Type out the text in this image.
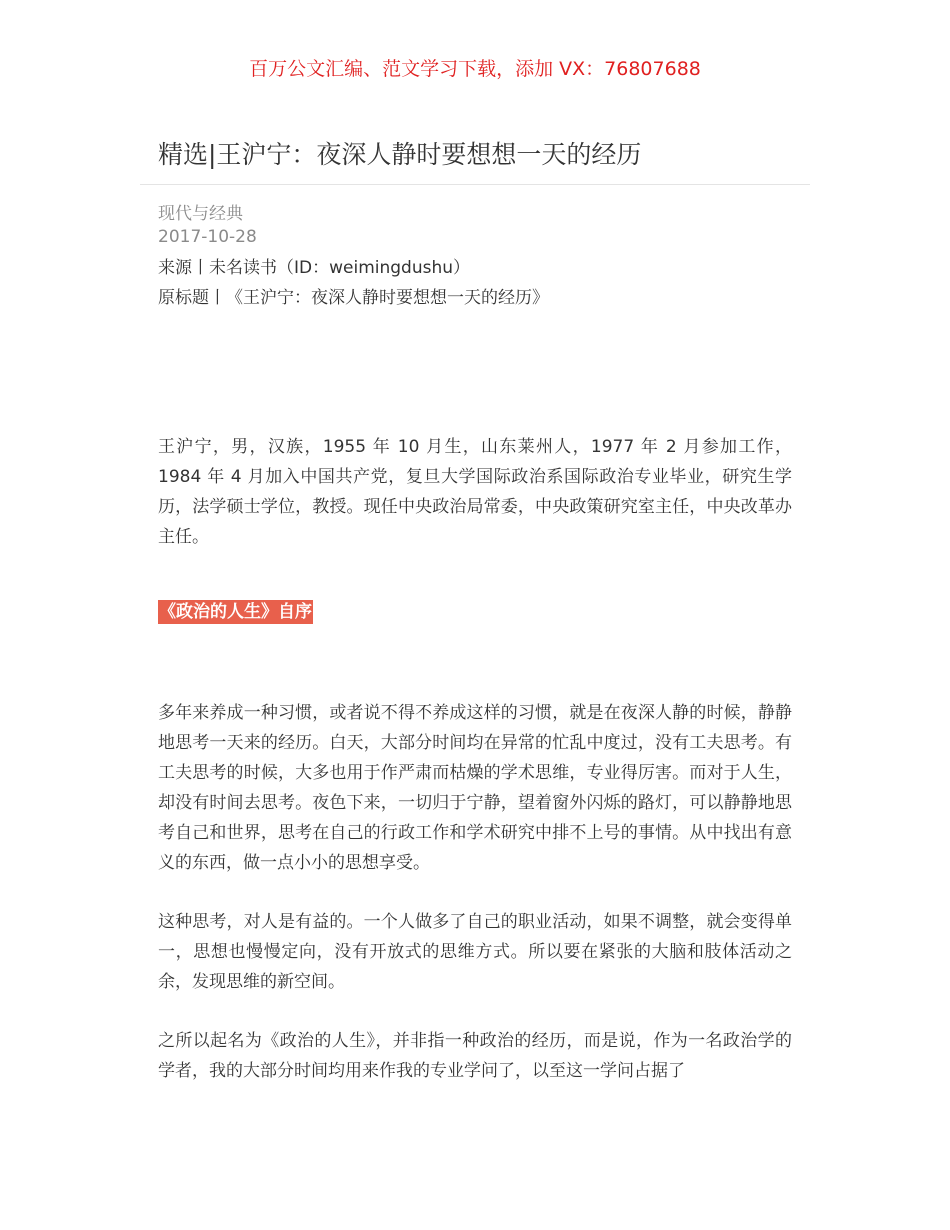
百万公文汇编、范文学习下载，添加 VX：76807688
精选|王沪宁：夜深人静时要想想一天的经历
现代与经典
2017-10-28
来源丨未名读书（ID：weimingdushu）
原标题丨《王沪宁：夜深人静时要想想一天的经历》

王沪宁，男，汉族，1955 年 10 月生，山东莱州人，1977 年 2 月参加工作，1984 年 4 月加入中国共产党，复旦大学国际政治系国际政治专业毕业，研究生学历，法学硕士学位，教授。现任中央政治局常委，中央政策研究室主任，中央改革办主任。

《政治的人生》自序

多年来养成一种习惯，或者说不得不养成这样的习惯，就是在夜深人静的时候，静静地思考一天来的经历。白天，大部分时间均在异常的忙乱中度过，没有工夫思考。有工夫思考的时候，大多也用于作严肃而枯燥的学术思维，专业得厉害。而对于人生，却没有时间去思考。夜色下来，一切归于宁静，望着窗外闪烁的路灯，可以静静地思考自己和世界，思考在自己的行政工作和学术研究中排不上号的事情。从中找出有意义的东西，做一点小小的思想享受。

这种思考，对人是有益的。一个人做多了自己的职业活动，如果不调整，就会变得单一，思想也慢慢定向，没有开放式的思维方式。所以要在紧张的大脑和肢体活动之余，发现思维的新空间。

之所以起名为《政治的人生》，并非指一种政治的经历，而是说，作为一名政治学的学者，我的大部分时间均用来作我的专业学问了，以至这一学问占据了
